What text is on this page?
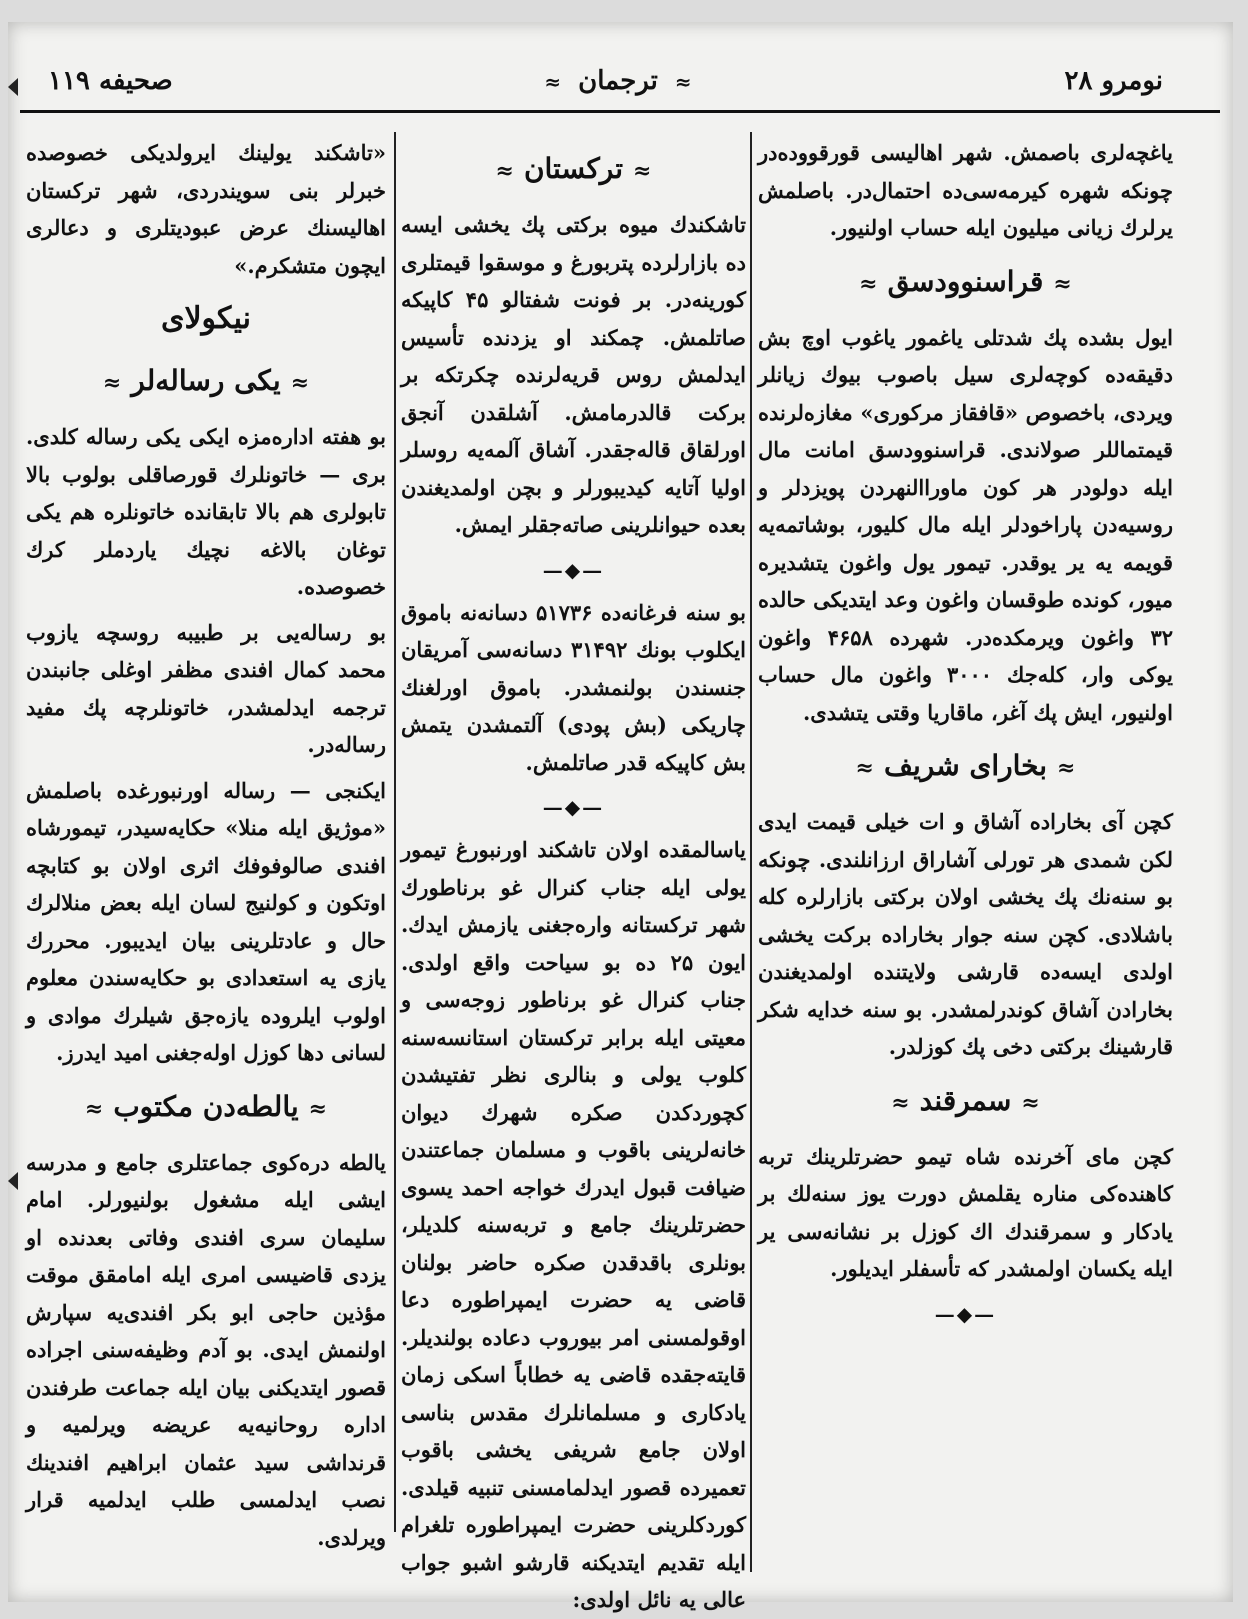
صحیفه ۱۱۹	≈ ترجمان ≈	نومرو ۲۸

یاغچه‌لری باصمش. شهر اهالیسی قورقووده‌در چونکه شهره کیرمه‌سی‌ده احتمال‌در. باصلمش یرلرك زیانی میلیون ایله حساب اولنیور.

≈قراسنوودسق≈

ایول بشده پك شدتلی یاغمور یاغوب اوچ بش دقیقه‌ده کوچه‌لری سیل باصوب بیوك زیانلر ویردی، باخصوص «قافقاز مرکوری» مغازه‌لرنده قیمتماللر صولاندی. قراسنوودسق امانت مال ایله دولودر هر کون ماوراالنهردن پویزدلر و روسیه‌دن پاراخودلر ایله مال کلیور، بوشاتمه‌یه قویمه یه یر یوقدر. تیمور یول واغون یتشدیره میور، کونده طوقسان واغون وعد ایتدیکی حالده ۳۲ واغون ویرمکده‌در. شهرده ۴۶۵۸ واغون یوکی وار، کله‌جك ۳۰۰۰ واغون مال حساب اولنیور، ایش پك آغر، ماقاریا وقتی یتشدی.

≈بخارای شریف≈

کچن آی بخاراده آشاق و ات خیلی قیمت ایدی لکن شمدی هر تورلی آشاراق ارزانلندی. چونکه بو سنه‌نك پك یخشی اولان برکتی بازارلره کله باشلادی. کچن سنه جوار بخاراده برکت یخشی اولدی ایسه‌ده قارشی ولایتنده اولمدیغندن بخارادن آشاق کوندرلمشدر. بو سنه خدایه شکر قارشینك برکتی دخی پك کوزلدر.

≈سمرقند≈

کچن مای آخرنده شاه تیمو حضرتلرینك تربه کاهنده‌کی مناره یقلمش دورت یوز سنه‌لك بر یادکار و سمرقندك اك کوزل بر نشانه‌سی یر ایله یکسان اولمشدر که تأسفلر ایدیلور.

—◆—
≈ترکستان≈

تاشکندك میوه برکتی پك یخشی ایسه ده بازارلرده پتربورغ و موسقوا قیمتلری کورینه‌در. بر فونت شفتالو ۴۵ کاپیکه صاتلمش. چمکند او یزدنده تأسیس ایدلمش روس قریه‌لرنده چکرتکه بر برکت قالدرمامش. آشلقدن آنجق اورلقاق قاله‌جقدر. آشاق آلمه‌یه روسلر اولیا آتایه کیدیبورلر و بچن اولمدیغندن بعده حیوانلرینی صاته‌جقلر ایمش.

—◆—

بو سنه فرغانه‌ده ۵۱۷۳۶ دسانه‌نه باموق ایکلوب بونك ۳۱۴۹۲ دسانه‌سی آمریقان جنسندن بولنمشدر. باموق اورلغنك چاریکی (بش پودی) آلتمشدن یتمش بش کاپیکه قدر صاتلمش.

—◆—

یاسالمقده اولان تاشکند اورنبورغ تیمور یولی ایله جناب کنرال غو برناطورك شهر ترکستانه واره‌جغنی یازمش ایدك. ایون ۲۵ ده بو سیاحت واقع اولدی. جناب کنرال غو برناطور زوجه‌سی و معیتی ایله برابر ترکستان استانسه‌سنه کلوب یولی و بنالری نظر تفتیشدن کچوردکدن صکره شهرك دیوان خانه‌لرینی باقوب و مسلمان جماعتندن ضیافت قبول ایدرك خواجه احمد یسوی حضرتلرینك جامع و تربه‌سنه کلدیلر، بونلری باقدقدن صکره حاضر بولنان قاضی یه حضرت ایمپراطوره دعا اوقولمسنی امر بیوروب دعاده بولندیلر. قایته‌جقده قاضی یه خطاباً اسکی زمان یادکاری و مسلمانلرك مقدس بناسی اولان جامع شریفی یخشی باقوب تعمیرده قصور ایدلمامسنی تنبیه قیلدی. کوردکلرینی حضرت ایمپراطوره تلغرام ایله تقدیم ایتدیکنه قارشو اشبو جواب عالی یه نائل اولدی:

«تاشکند یولینك ایرولدیکی خصوصده خبرلر بنی سویندردی، شهر ترکستان اهالیسنك عرض عبودیتلری و دعالری ایچون متشکرم.»

نیکولای
≈یکی رساله‌لر≈

بو هفته اداره‌مزه ایکی یکی رساله کلدی. بری — خاتونلرك قورصاقلی بولوب بالا تابولری هم بالا تابقانده خاتونلره هم یکی توغان بالاغه نچیك یاردملر کرك خصوصده.

بو رساله‌یی بر طبیبه روسچه یازوب محمد کمال افندی مظفر اوغلی جانبندن ترجمه ایدلمشدر، خاتونلرچه پك مفید رساله‌در.

ایکنجی — رساله اورنبورغده باصلمش «موژیق ایله منلا» حکایه‌سیدر، تیمورشاه افندی صالوفوفك اثری اولان بو کتابچه اوتکون و کولنیج لسان ایله بعض منلالرك حال و عادتلرینی بیان ایدیبور. محررك یازی یه استعدادی بو حکایه‌سندن معلوم اولوب ایلروده یازه‌جق شیلرك موادی و لسانی دها کوزل اوله‌جغنی امید ایدرز.

≈یالطه‌دن مکتوب≈

یالطه دره‌کوی جماعتلری جامع و مدرسه ایشی ایله مشغول بولنیورلر. امام سلیمان سری افندی وفاتی بعدنده او یزدی قاضیسی امری ایله امامقق موقت مؤذین حاجی ابو بکر افندی‌یه سپارش اولنمش ایدی. بو آدم وظیفه‌سنی اجراده قصور ایتدیکنی بیان ایله جماعت طرفندن اداره روحانیه‌یه عریضه ویرلمیه و قرنداشی سید عثمان ابراهیم افندینك نصب ایدلمسی طلب ایدلمیه قرار ویرلدی.
